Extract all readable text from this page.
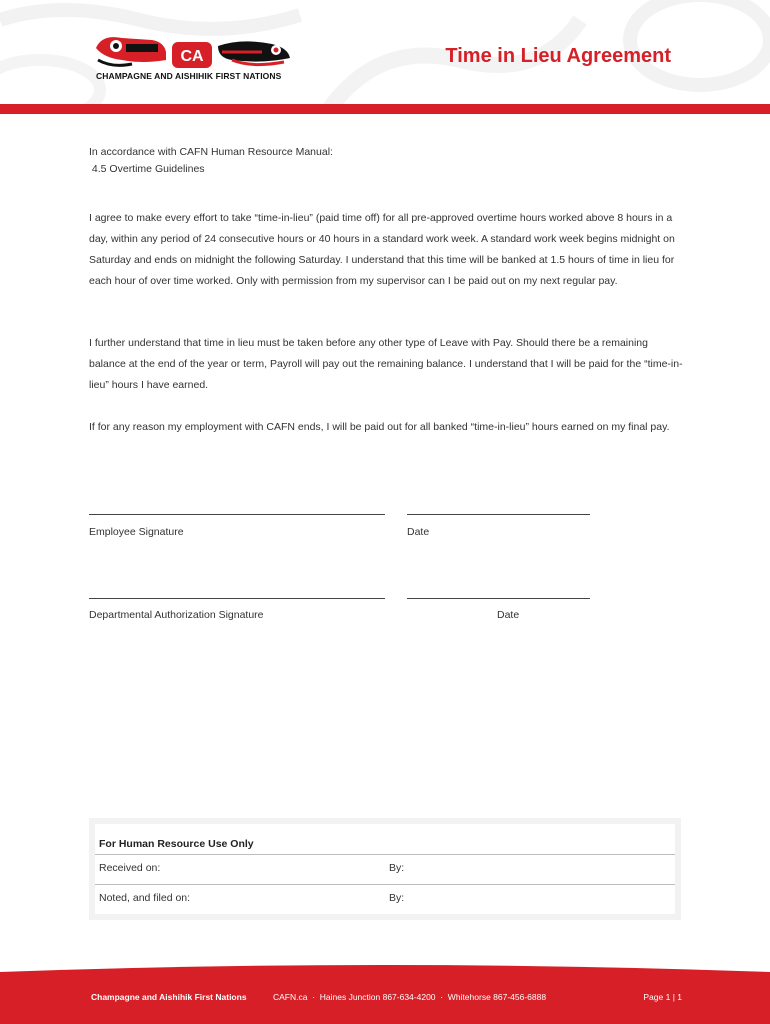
CA
CHAMPAGNE AND AISHIHIK FIRST NATIONS
Time in Lieu Agreement
In accordance with CAFN Human Resource Manual:
4.5 Overtime Guidelines
I agree to make every effort to take “time-in-lieu” (paid time off) for all pre-approved overtime hours worked above 8 hours in a day, within any period of 24 consecutive hours or 40 hours in a standard work week. A standard work week begins midnight on Saturday and ends on midnight the following Saturday. I understand that this time will be banked at 1.5 hours of time in lieu for each hour of over time worked. Only with permission from my supervisor can I be paid out on my next regular pay.
I further understand that time in lieu must be taken before any other type of Leave with Pay. Should there be a remaining balance at the end of the year or term, Payroll will pay out the remaining balance. I understand that I will be paid for the “time-in-lieu” hours I have earned.
If for any reason my employment with CAFN ends, I will be paid out for all banked “time-in-lieu” hours earned on my final pay.
Employee Signature	Date
Departmental Authorization Signature	Date
For Human Resource Use Only
Received on:	By:
Noted, and filed on:	By:
Champagne and Aishihik First Nations	CAFN.ca  ·  Haines Junction 867-634-4200  ·  Whitehorse 867-456-6888	Page 1 | 1
